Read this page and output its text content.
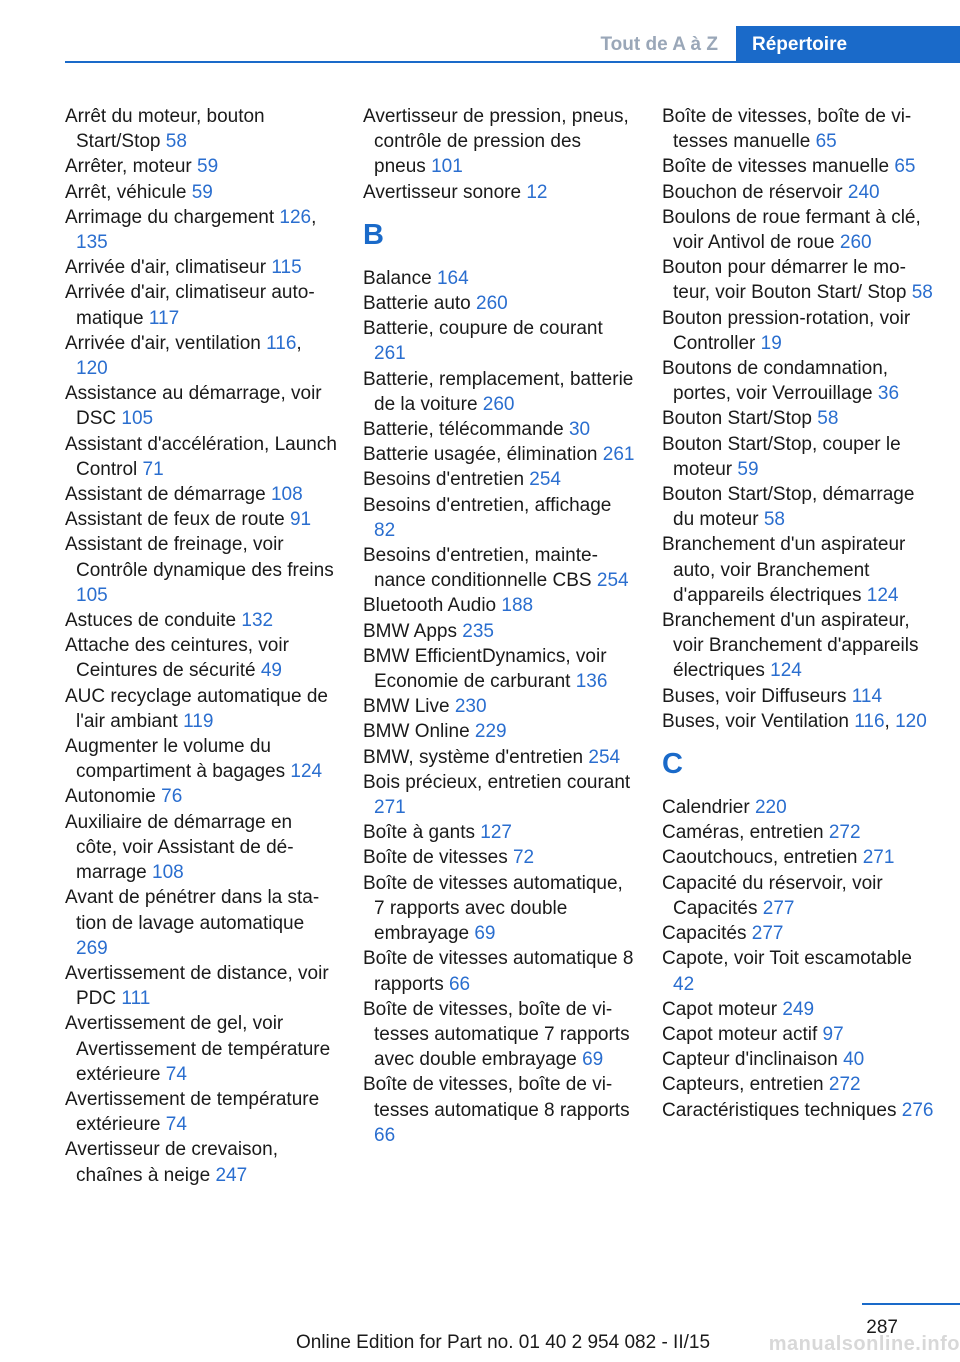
Tout de A à Z	Répertoire

Arrêt du moteur, bouton Start/Stop 58

Arrêter, moteur 59

Arrêt, véhicule 59

Arrimage du chargement 126, 135

Arrivée d'air, climatiseur 115

Arrivée d'air, climatiseur automatique 117

Arrivée d'air, ventilation 116, 120

Assistance au démarrage, voir DSC 105

Assistant d'accélération, Launch Control 71

Assistant de démarrage 108

Assistant de feux de route 91

Assistant de freinage, voir Contrôle dynamique des freins 105

Astuces de conduite 132

Attache des ceintures, voir Ceintures de sécurité 49

AUC recyclage automatique de l'air ambiant 119

Augmenter le volume du compartiment à bagages 124

Autonomie 76

Auxiliaire de démarrage en côte, voir Assistant de démarrage 108

Avant de pénétrer dans la station de lavage automatique 269

Avertissement de distance, voir PDC 111

Avertissement de gel, voir Avertissement de température extérieure 74

Avertissement de température extérieure 74

Avertisseur de crevaison, chaînes à neige 247

Avertisseur de pression, pneus, contrôle de pression des pneus 101

Avertisseur sonore 12

B

Balance 164

Batterie auto 260

Batterie, coupure de courant 261

Batterie, remplacement, batterie de la voiture 260

Batterie, télécommande 30

Batterie usagée, élimination 261

Besoins d'entretien 254

Besoins d'entretien, affichage 82

Besoins d'entretien, maintenance conditionnelle CBS 254

Bluetooth Audio 188

BMW Apps 235

BMW EfficientDynamics, voir Economie de carburant 136

BMW Live 230

BMW Online 229

BMW, système d'entretien 254

Bois précieux, entretien courant 271

Boîte à gants 127

Boîte de vitesses 72

Boîte de vitesses automatique, 7 rapports avec double embrayage 69

Boîte de vitesses automatique 8 rapports 66

Boîte de vitesses, boîte de vitesses automatique 7 rapports avec double embrayage 69

Boîte de vitesses, boîte de vitesses automatique 8 rapports 66

Boîte de vitesses, boîte de vitesses manuelle 65

Boîte de vitesses manuelle 65

Bouchon de réservoir 240

Boulons de roue fermant à clé, voir Antivol de roue 260

Bouton pour démarrer le moteur, voir Bouton Start/ Stop 58

Bouton pression-rotation, voir Controller 19

Boutons de condamnation, portes, voir Verrouillage 36

Bouton Start/Stop 58

Bouton Start/Stop, couper le moteur 59

Bouton Start/Stop, démarrage du moteur 58

Branchement d'un aspirateur auto, voir Branchement d'appareils électriques 124

Branchement d'un aspirateur, voir Branchement d'appareils électriques 124

Buses, voir Diffuseurs 114

Buses, voir Ventilation 116, 120

C

Calendrier 220

Caméras, entretien 272

Caoutchoucs, entretien 271

Capacité du réservoir, voir Capacités 277

Capacités 277

Capote, voir Toit escamotable 42

Capot moteur 249

Capot moteur actif 97

Capteur d'inclinaison 40

Capteurs, entretien 272

Caractéristiques techniques 276

287
Online Edition for Part no. 01 40 2 954 082 - II/15	manualsonline.info
